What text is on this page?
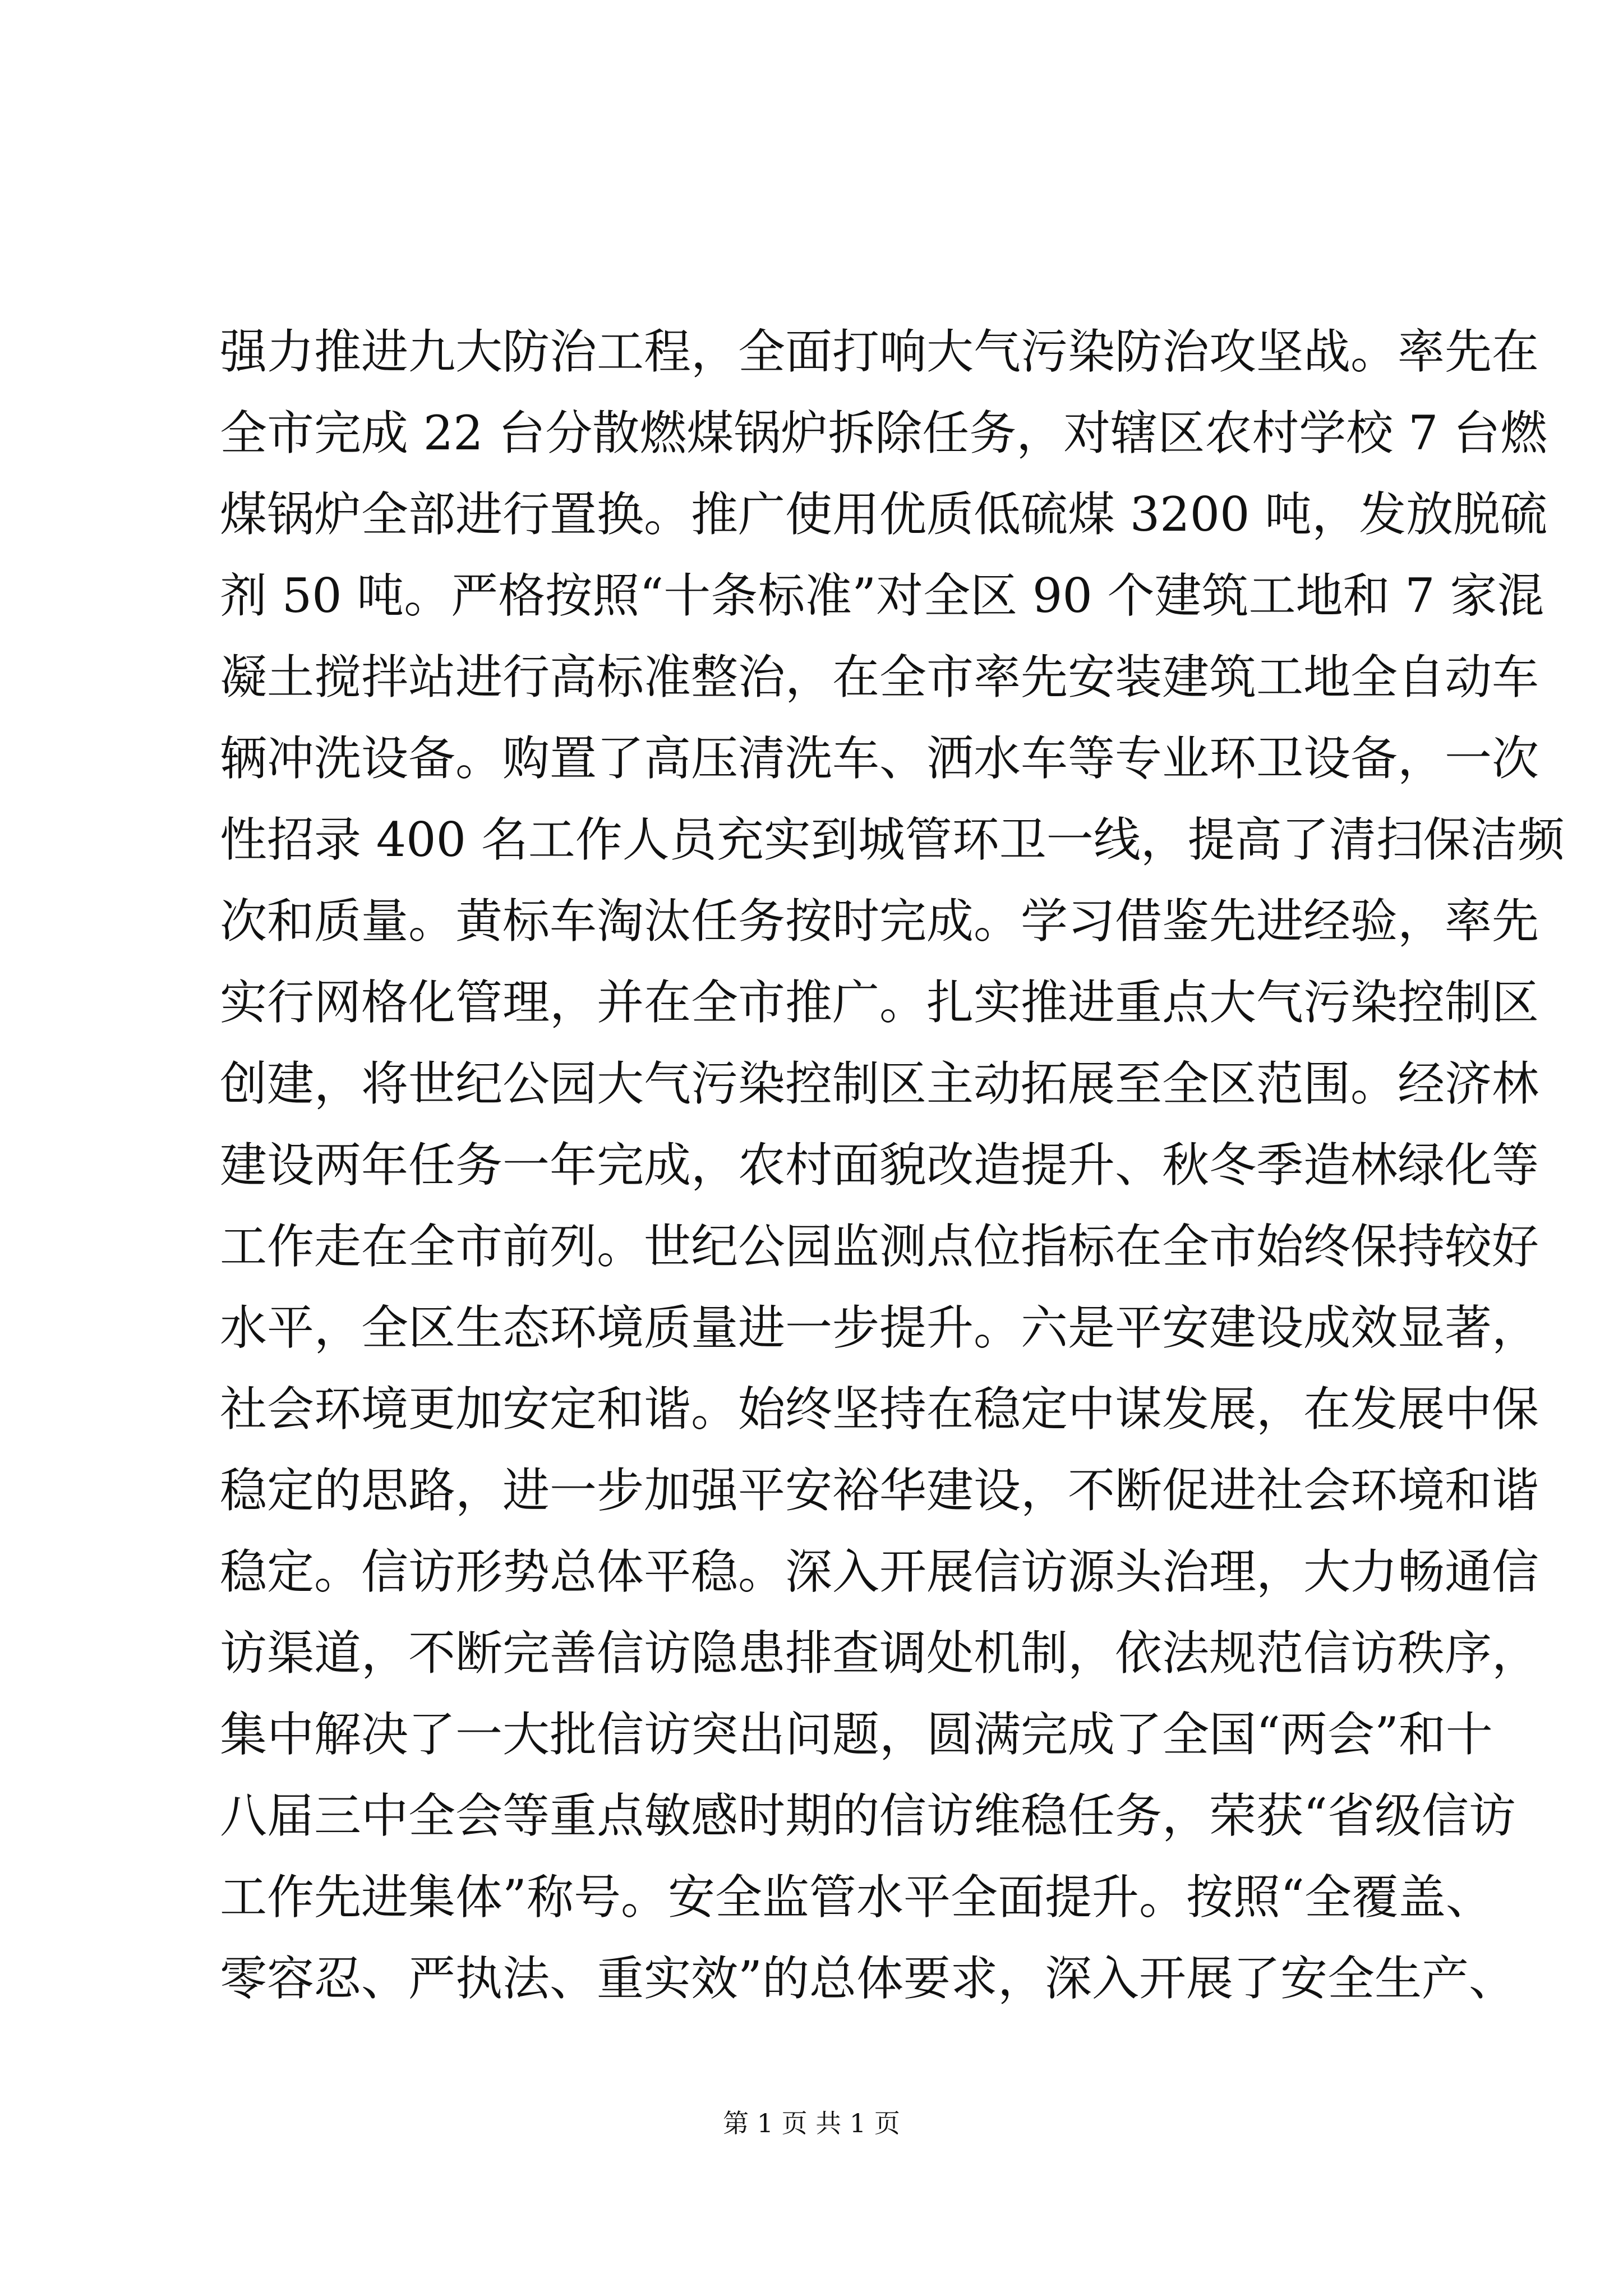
强力推进九大防治工程，全面打响大气污染防治攻坚战。率先在
全市完成 22 台分散燃煤锅炉拆除任务，对辖区农村学校 7 台燃
煤锅炉全部进行置换。推广使用优质低硫煤 3200 吨，发放脱硫
剂 50 吨。严格按照“十条标准”对全区 90 个建筑工地和 7 家混
凝土搅拌站进行高标准整治，在全市率先安装建筑工地全自动车
辆冲洗设备。购置了高压清洗车、洒水车等专业环卫设备，一次
性招录 400 名工作人员充实到城管环卫一线，提高了清扫保洁频
次和质量。黄标车淘汰任务按时完成。学习借鉴先进经验，率先
实行网格化管理，并在全市推广。扎实推进重点大气污染控制区
创建，将世纪公园大气污染控制区主动拓展至全区范围。经济林
建设两年任务一年完成，农村面貌改造提升、秋冬季造林绿化等
工作走在全市前列。世纪公园监测点位指标在全市始终保持较好
水平，全区生态环境质量进一步提升。六是平安建设成效显著，
社会环境更加安定和谐。始终坚持在稳定中谋发展，在发展中保
稳定的思路，进一步加强平安裕华建设，不断促进社会环境和谐
稳定。信访形势总体平稳。深入开展信访源头治理，大力畅通信
访渠道，不断完善信访隐患排查调处机制，依法规范信访秩序，
集中解决了一大批信访突出问题，圆满完成了全国“两会”和十
八届三中全会等重点敏感时期的信访维稳任务，荣获“省级信访
工作先进集体”称号。安全监管水平全面提升。按照“全覆盖、
零容忍、严执法、重实效”的总体要求，深入开展了安全生产、
第 1 页 共 1 页
